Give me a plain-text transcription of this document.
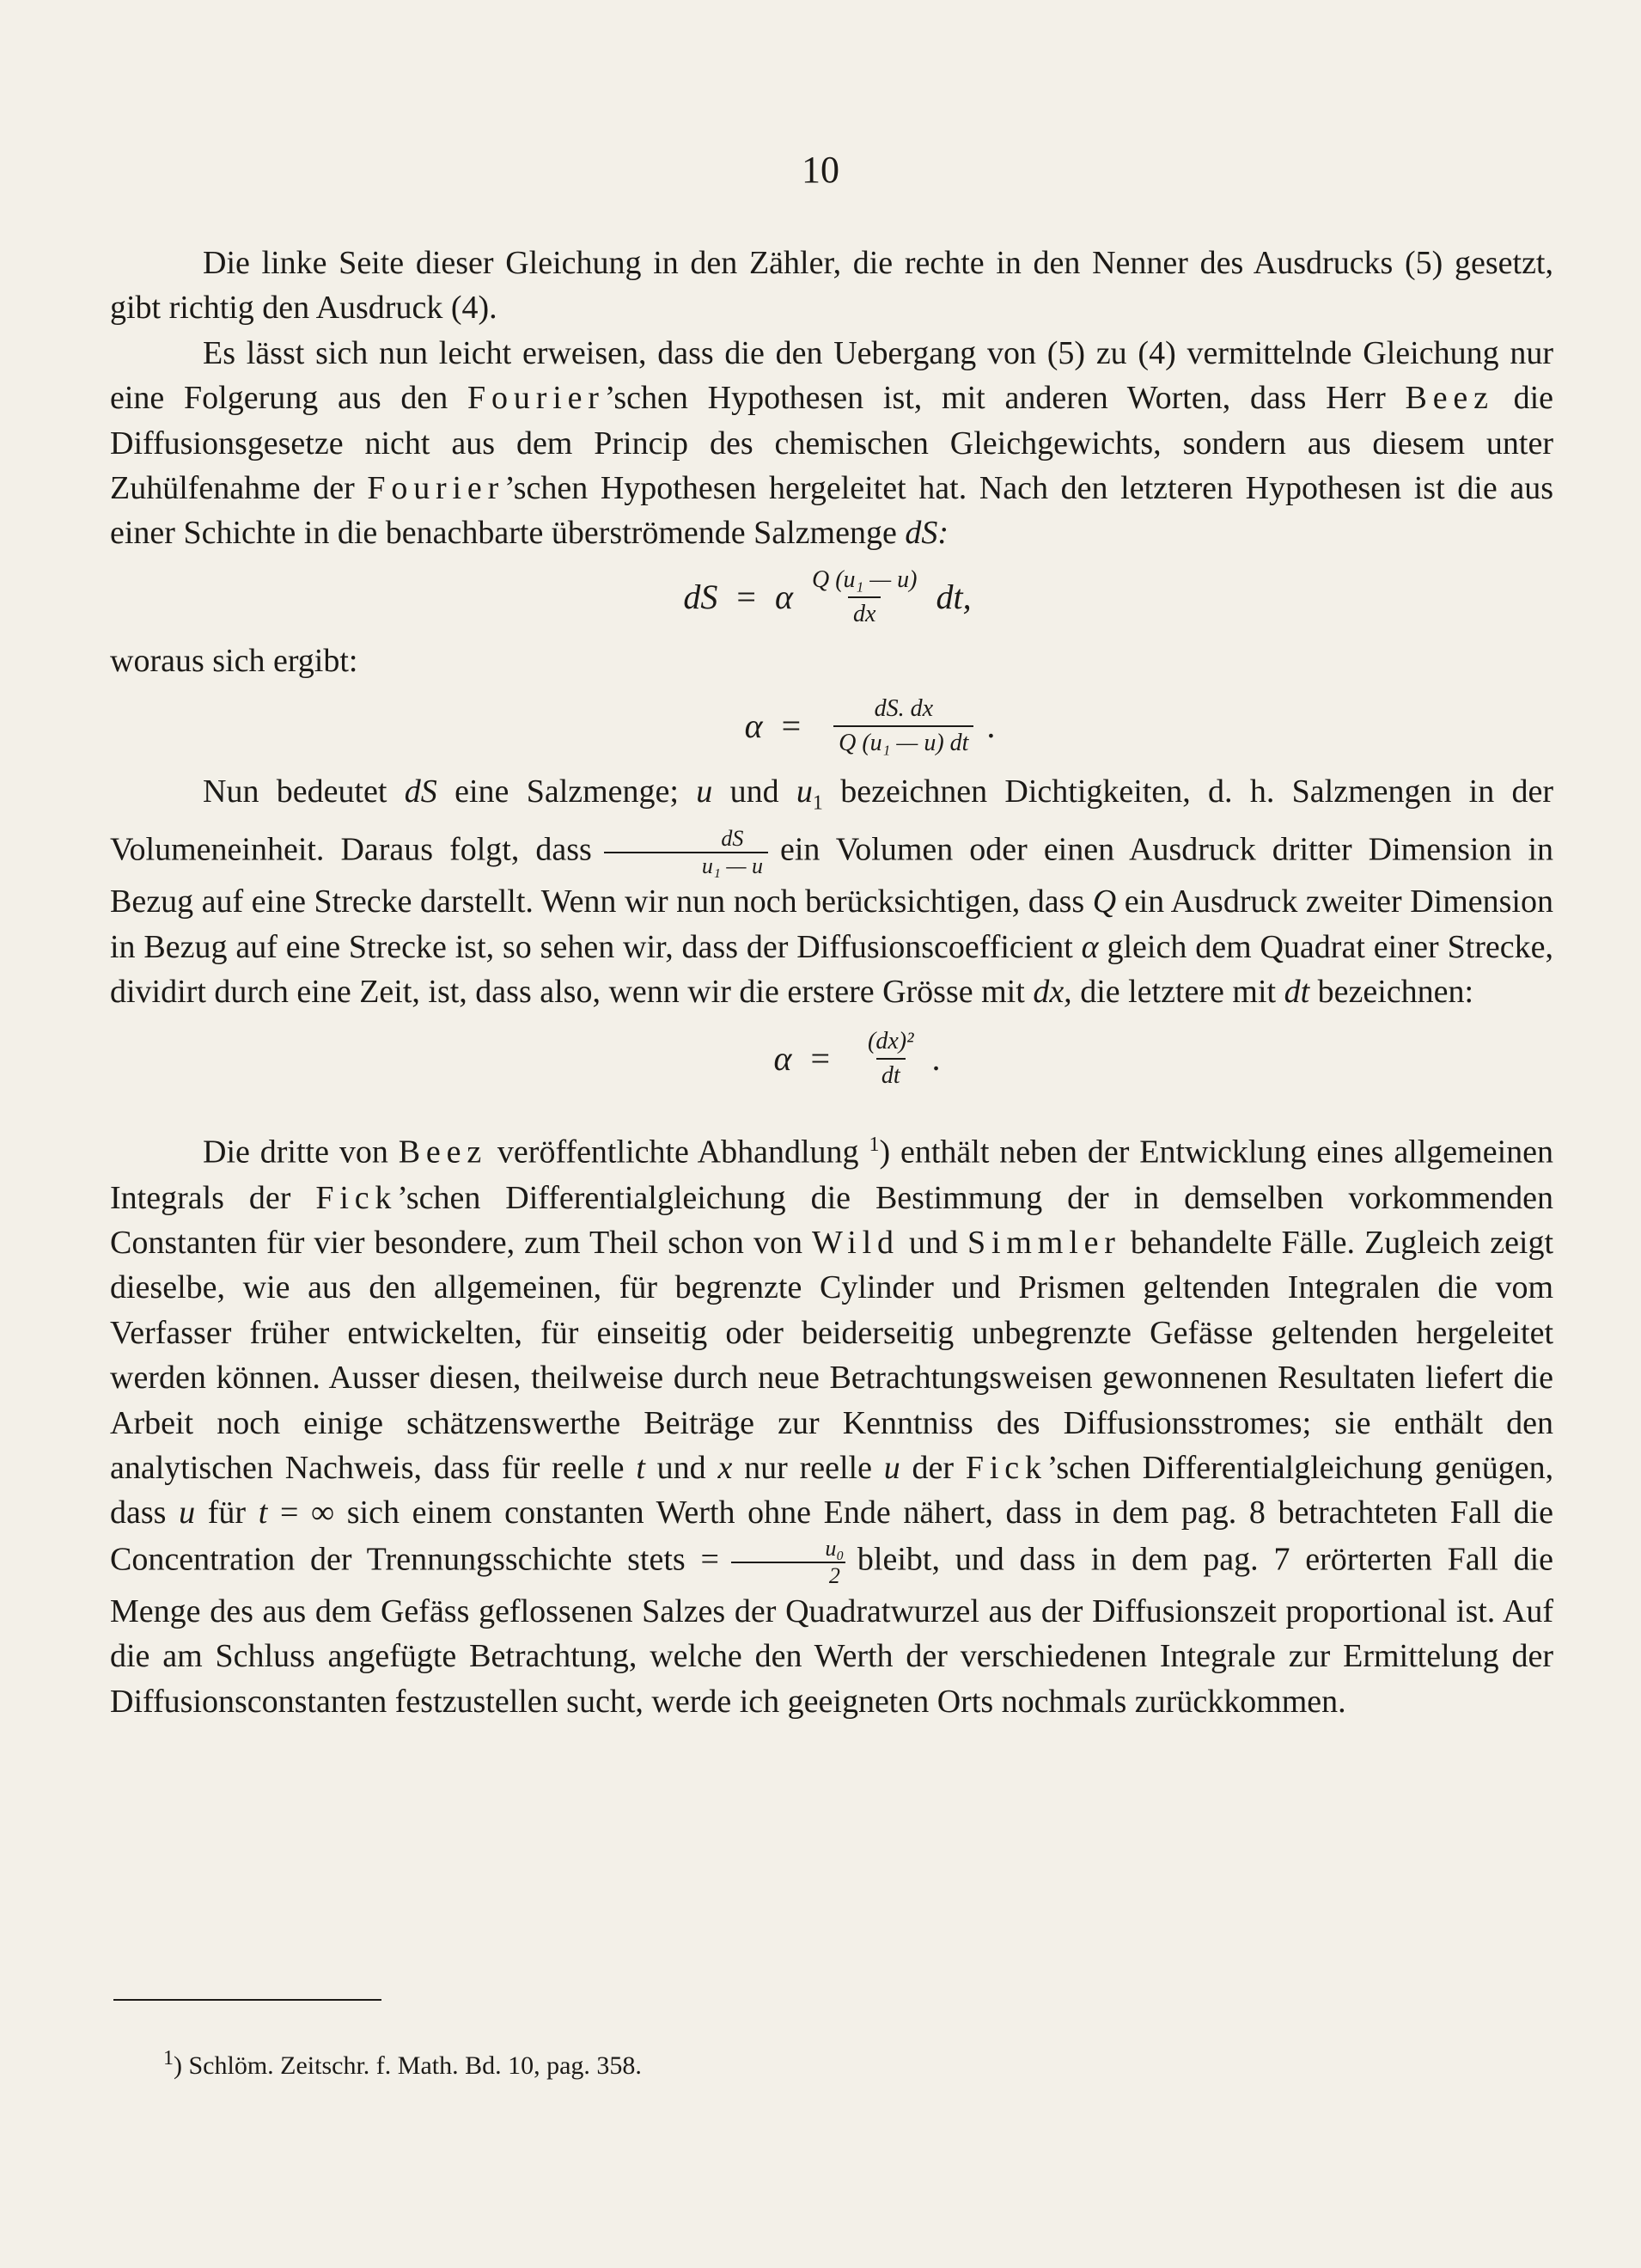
10

Die linke Seite dieser Gleichung in den Zähler, die rechte in den Nenner des Ausdrucks (5) gesetzt, gibt richtig den Ausdruck (4).

Es lässt sich nun leicht erweisen, dass die den Uebergang von (5) zu (4) vermittelnde Gleichung nur eine Folgerung aus den Fourier’schen Hypothesen ist, mit anderen Worten, dass Herr Beez die Diffusionsgesetze nicht aus dem Princip des chemischen Gleichgewichts, sondern aus diesem unter Zuhülfenahme der Fourier’schen Hypothesen hergeleitet hat. Nach den letzteren Hypothesen ist die aus einer Schichte in die benachbarte überströmende Salzmenge dS:

dS = α $\frac{\text{Q (u₁ — u)}}{dx}$ dt,

woraus sich ergibt:

$\alpha = \frac{dS. dx}{\text{Q (u₁ — u) dt}}$ .

Nun bedeutet dS eine Salzmenge; u und $u_1$ bezeichnen Dichtigkeiten, d. h. Salzmengen in der Volumeneinheit. Daraus folgt, dass $\frac{dS}{\text{u₁ — u}}$ ein Volumen oder einen Ausdruck dritter Dimension in Bezug auf eine Strecke darstellt. Wenn wir nun noch berücksichtigen, dass Q ein Ausdruck zweiter Dimension in Bezug auf eine Strecke ist, so sehen wir, dass der Diffusionscoefficient α gleich dem Quadrat einer Strecke, dividirt durch eine Zeit, ist, dass also, wenn wir die erstere Grösse mit dx, die letztere mit dt bezeichnen:

$\alpha = \frac{\text{(dx)²}}{dt}$ .

Die dritte von Beez veröffentlichte Abhandlung $^1$) enthält neben der Entwicklung eines allgemeinen Integrals der Fick’schen Differentialgleichung die Bestimmung der in demselben vorkommenden Constanten für vier besondere, zum Theil schon von Wild und Simmler behandelte Fälle. Zugleich zeigt dieselbe, wie aus den allgemeinen, für begrenzte Cylinder und Prismen geltenden Integralen die vom Verfasser früher entwickelten, für einseitig oder beiderseitig unbegrenzte Gefässe geltenden hergeleitet werden können. Ausser diesen, theilweise durch neue Betrachtungsweisen gewonnenen Resultaten liefert die Arbeit noch einige schätzenswerthe Beiträge zur Kenntniss des Diffusionsstromes; sie enthält den analytischen Nachweis, dass für reelle t und x nur reelle u der Fick’schen Differentialgleichung genügen, dass u für t = ∞ sich einem constanten Werth ohne Ende nähert, dass in dem pag. 8 betrachteten Fall die Concentration der Trennungsschichte stets = $\frac{\text{u₀}}{2}$ bleibt, und dass in dem pag. 7 erörterten Fall die Menge des aus dem Gefäss geflossenen Salzes der Quadratwurzel aus der Diffusionszeit proportional ist. Auf die am Schluss angefügte Betrachtung, welche den Werth der verschiedenen Integrale zur Ermittelung der Diffusionsconstanten festzustellen sucht, werde ich geeigneten Orts nochmals zurückkommen.

$^1$) Schlöm. Zeitschr. f. Math. Bd. 10, pag. 358.
